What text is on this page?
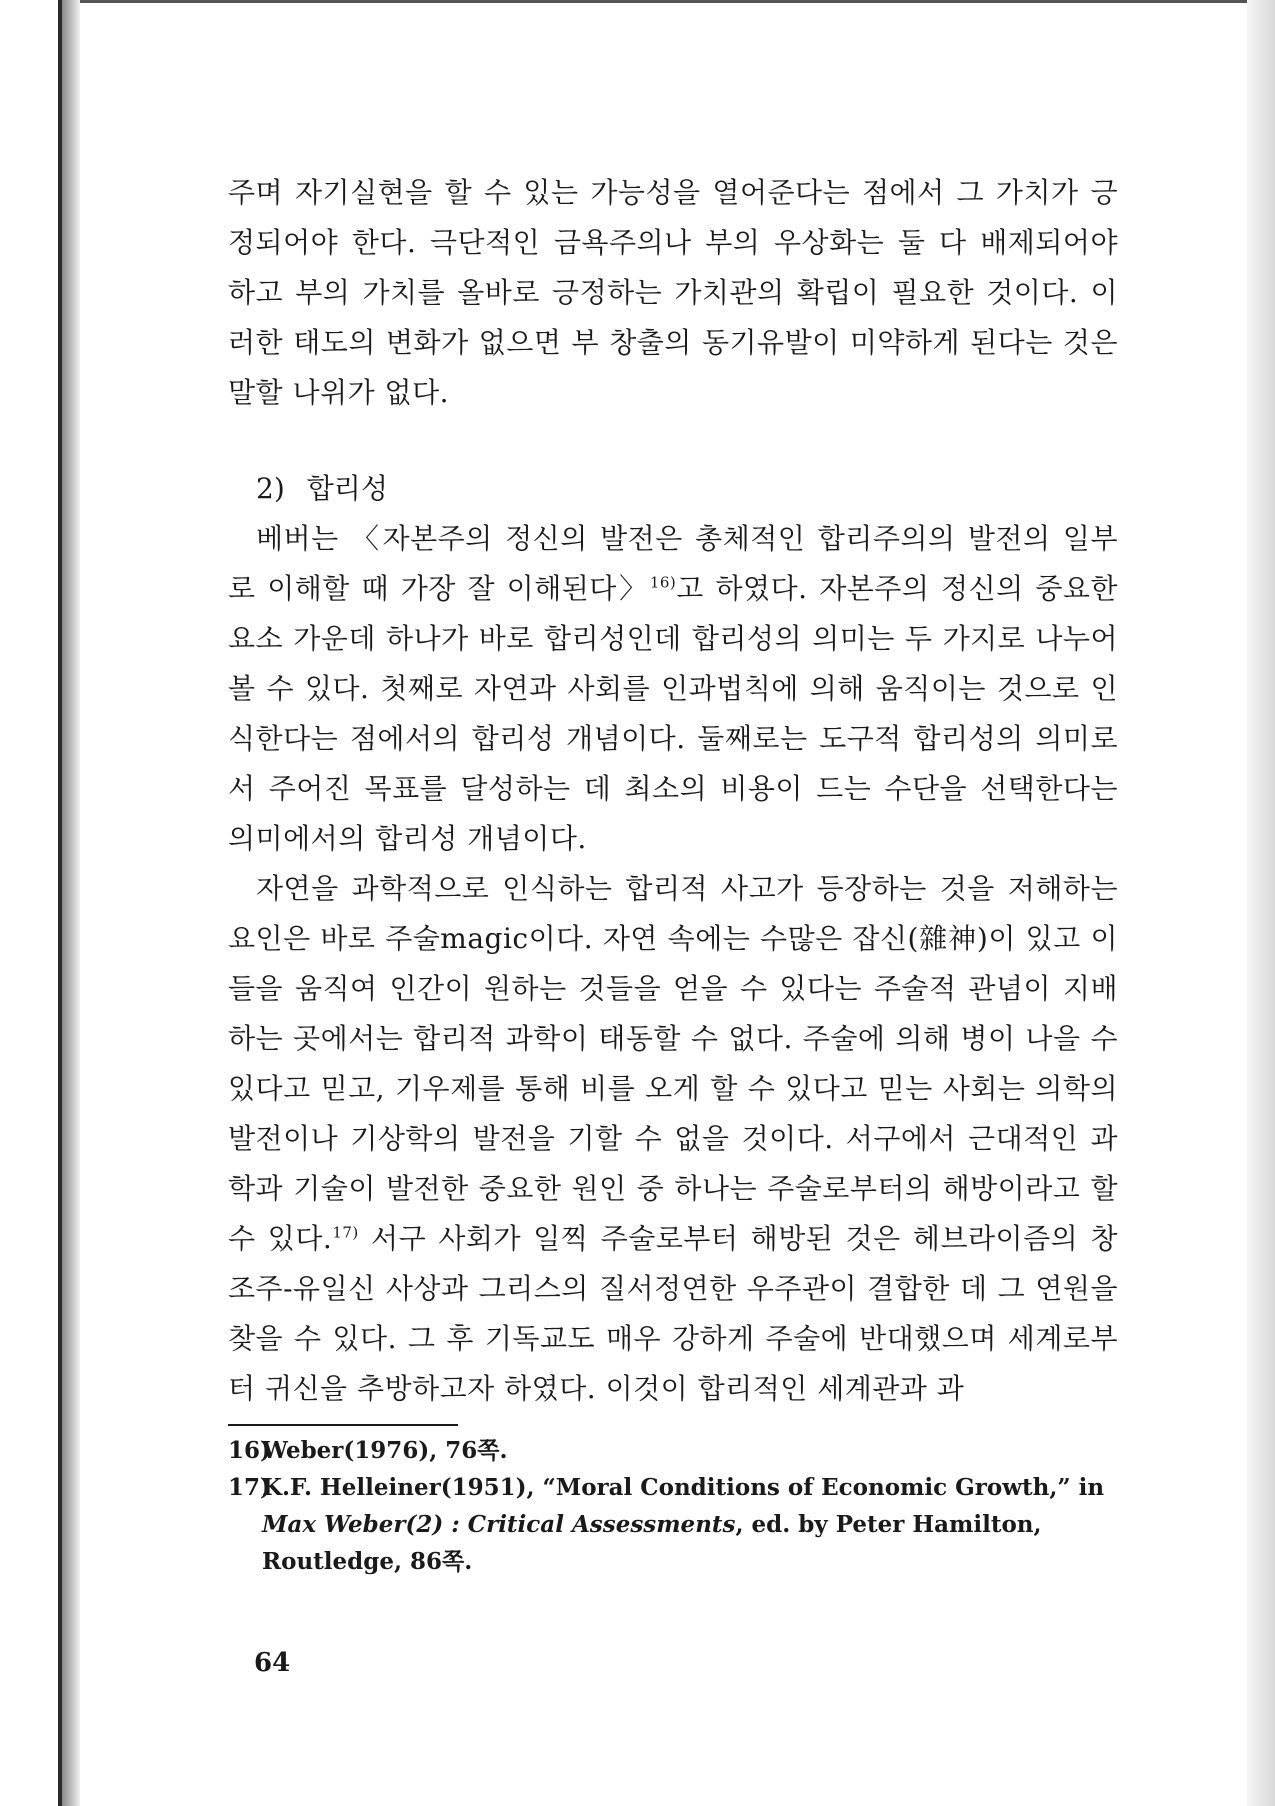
주며 자기실현을 할 수 있는 가능성을 열어준다는 점에서 그 가치가 긍정되어야 한다. 극단적인 금욕주의나 부의 우상화는 둘 다 배제되어야 하고 부의 가치를 올바로 긍정하는 가치관의 확립이 필요한 것이다. 이러한 태도의 변화가 없으면 부 창출의 동기유발이 미약하게 된다는 것은 말할 나위가 없다.

2) 합리성

베버는 〈자본주의 정신의 발전은 총체적인 합리주의의 발전의 일부로 이해할 때 가장 잘 이해된다〉$^{16)}$고 하였다. 자본주의 정신의 중요한 요소 가운데 하나가 바로 합리성인데 합리성의 의미는 두 가지로 나누어볼 수 있다. 첫째로 자연과 사회를 인과법칙에 의해 움직이는 것으로 인식한다는 점에서의 합리성 개념이다. 둘째로는 도구적 합리성의 의미로서 주어진 목표를 달성하는 데 최소의 비용이 드는 수단을 선택한다는 의미에서의 합리성 개념이다.

자연을 과학적으로 인식하는 합리적 사고가 등장하는 것을 저해하는 요인은 바로 주술magic이다. 자연 속에는 수많은 잡신(雜神)이 있고 이들을 움직여 인간이 원하는 것들을 얻을 수 있다는 주술적 관념이 지배하는 곳에서는 합리적 과학이 태동할 수 없다. 주술에 의해 병이 나을 수 있다고 믿고, 기우제를 통해 비를 오게 할 수 있다고 믿는 사회는 의학의 발전이나 기상학의 발전을 기할 수 없을 것이다. 서구에서 근대적인 과학과 기술이 발전한 중요한 원인 중 하나는 주술로부터의 해방이라고 할 수 있다.$^{17)}$ 서구 사회가 일찍 주술로부터 해방된 것은 헤브라이즘의 창조주-유일신 사상과 그리스의 질서정연한 우주관이 결합한 데 그 연원을 찾을 수 있다. 그 후 기독교도 매우 강하게 주술에 반대했으며 세계로부터 귀신을 추방하고자 하였다. 이것이 합리적인 세계관과 과

16)Weber(1976), 76쪽.

17)K.F. Helleiner(1951), “Moral Conditions of Economic Growth,” in Max Weber(2) : Critical Assessments, ed. by Peter Hamilton, Routledge, 86쪽.

64
